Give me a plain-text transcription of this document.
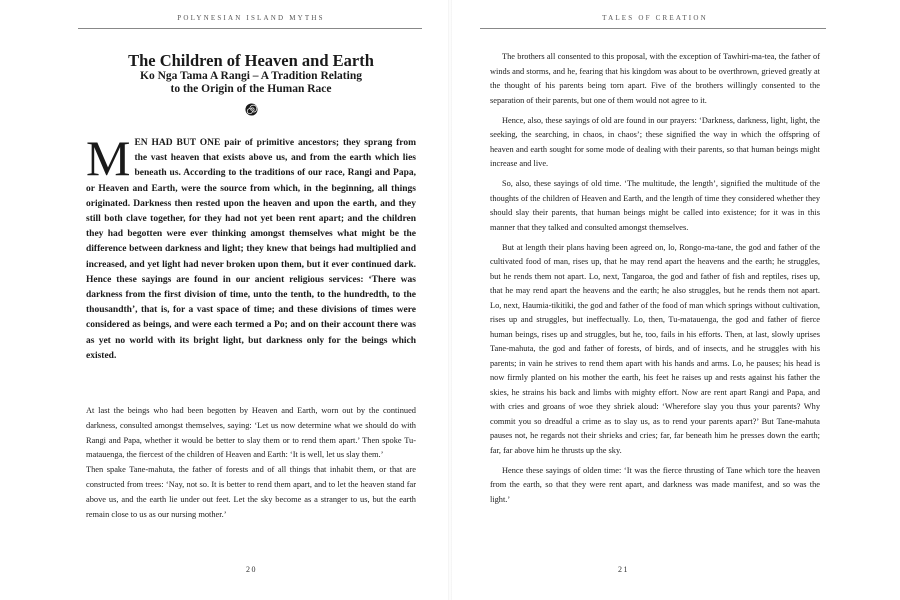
POLYNESIAN ISLAND MYTHS
The Children of Heaven and Earth
Ko Nga Tama A Rangi – A Tradition Relating
to the Origin of the Human Race
MEN HAD BUT ONE pair of primitive ancestors; they sprang from the vast heaven that exists above us, and from the earth which lies beneath us. According to the traditions of our race, Rangi and Papa, or Heaven and Earth, were the source from which, in the beginning, all things originated. Darkness then rested upon the heaven and upon the earth, and they still both clave together, for they had not yet been rent apart; and the children they had begotten were ever thinking amongst themselves what might be the difference between darkness and light; they knew that beings had multiplied and increased, and yet light had never broken upon them, but it ever continued dark. Hence these sayings are found in our ancient religious services: ‘There was darkness from the first division of time, unto the tenth, to the hundredth, to the thousandth’, that is, for a vast space of time; and these divisions of times were considered as beings, and were each termed a Po; and on their account there was as yet no world with its bright light, but darkness only for the beings which existed.

At last the beings who had been begotten by Heaven and Earth, worn out by the continued darkness, consulted amongst themselves, saying: ‘Let us now determine what we should do with Rangi and Papa, whether it would be better to slay them or to rend them apart.’ Then spoke Tu-matauenga, the fiercest of the children of Heaven and Earth: ‘It is well, let us slay them.’

Then spake Tane-mahuta, the father of forests and of all things that inhabit them, or that are constructed from trees: ‘Nay, not so. It is better to rend them apart, and to let the heaven stand far above us, and the earth lie under out feet. Let the sky become as a stranger to us, but the earth remain close to us as our nursing mother.’

20
TALES OF CREATION

The brothers all consented to this proposal, with the exception of Tawhiri-ma-tea, the father of winds and storms, and he, fearing that his kingdom was about to be overthrown, grieved greatly at the thought of his parents being torn apart. Five of the brothers willingly consented to the separation of their parents, but one of them would not agree to it.

Hence, also, these sayings of old are found in our prayers: ‘Darkness, darkness, light, light, the seeking, the searching, in chaos, in chaos’; these signified the way in which the offspring of heaven and earth sought for some mode of dealing with their parents, so that human beings might increase and live.

So, also, these sayings of old time. ‘The multitude, the length’, signified the multitude of the thoughts of the children of Heaven and Earth, and the length of time they considered whether they should slay their parents, that human beings might be called into existence; for it was in this manner that they talked and consulted amongst themselves.

But at length their plans having been agreed on, lo, Rongo-ma-tane, the god and father of the cultivated food of man, rises up, that he may rend apart the heavens and the earth; he struggles, but he rends them not apart. Lo, next, Tangaroa, the god and father of fish and reptiles, rises up, that he may rend apart the heavens and the earth; he also struggles, but he rends them not apart. Lo, next, Haumia-tikitiki, the god and father of the food of man which springs without cultivation, rises up and struggles, but ineffectually. Lo, then, Tu-matauenga, the god and father of fierce human beings, rises up and struggles, but he, too, fails in his efforts. Then, at last, slowly uprises Tane-mahuta, the god and father of forests, of birds, and of insects, and he struggles with his parents; in vain he strives to rend them apart with his hands and arms. Lo, he pauses; his head is now firmly planted on his mother the earth, his feet he raises up and rests against his father the skies, he strains his back and limbs with mighty effort. Now are rent apart Rangi and Papa, and with cries and groans of woe they shriek aloud: ‘Wherefore slay you thus your parents? Why commit you so dreadful a crime as to slay us, as to rend your parents apart?’ But Tane-mahuta pauses not, he regards not their shrieks and cries; far, far beneath him he presses down the earth; far, far above him he thrusts up the sky.

Hence these sayings of olden time: ‘It was the fierce thrusting of Tane which tore the heaven from the earth, so that they were rent apart, and darkness was made manifest, and so was the light.’

21
